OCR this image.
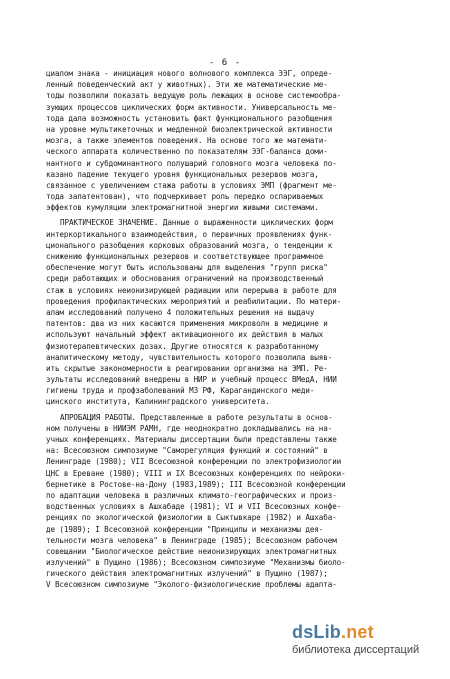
- 6 -
циалом знака - инициация нового волнового комплекса ЭЭГ, опреде-
ленный поведенческий акт у животных). Эти же математические ме-
тоды позволили показать ведущую роль лежащих в основе системообра-
зующих процессов циклических форм активности. Универсальность ме-
тода дала возможность установить факт функционального разобщения
на уровне мультикеточных и медленной биоэлектрической активности
мозга, а также элементов поведения. На основе того же математи-
ческого аппарата количественно по показателям ЭЭГ-баланса доми-
нантного и субдоминантного полушарий головного мозга человека по-
казано падение текущего уровня функциональных резервов мозга,
связанное с увеличением стажа работы в условиях ЭМП (фрагмент ме-
тода запатентован), что подчеркивает роль передко оспариваемых
эффектов кумуляции электромагнитной энергии живыми системами.
ПРАКТИЧЕСКОЕ ЗНАЧЕНИЕ. Данные о выраженности циклических форм
интеркортикального взаимодействия, о первичных проявлениях функ-
ционального разобщения корковых образований мозга, о тенденции к
снижению функциональных резервов и соответствующее программное
обеспечение могут быть использованы для выделения "групп риска"
среди работающих и обоснования ограничений на производственный
стаж в условиях неионизирующей радиации или перерыва в работе для
проведения профилактических мероприятий и реабилитации. По матери-
алам исследований получено 4 положительных решения на выдачу
патентов: два из них касаются применения микроволн в медицине и
используют начальный эффект активационного их действия в малых
физиотерапевтических дозах. Другие относятся к разработанному
аналитическому методу, чувствительность которого позволила выяв-
ить скрытые закономерности в реагировании организма на ЭМП. Ре-
зультаты исследований внедрены в НИР и учебный процесс ВМедА, НИИ
гигиены труда и профзаболеваний МЗ РФ, Карагандинского меди-
цинского института, Калининградского университета.
АПРОБАЦИЯ РАБОТЫ. Представленные в работе результаты в основ-
ном получены в НИИЭМ РАМН, где неоднократно докладывались на на-
учных конференциях. Материалы диссертации были представлены также
на: Всесоюзном симпозиуме "Саморегуляция функций и состояний" в
Ленинграде (1980); VII Всесоюзной конференции по электрофизиологии
ЦНС в Ереване (1980); VIII и IX Всесоюзных конференциях по нейроки-
бернетике в Ростове-на-Дону (1983,1989); III Всесоюзной конференции
по адаптации человека в различных климато-географических и произ-
водственных условиях в Ашхабаде (1981); VI и VII Всесоюзных конфе-
ренциях по экологической физиологии в Сыктывкаре (1982) и Ашхаба-
де (1989); I Всесоюзной конференции "Принципы и механизмы дея-
тельности мозга человека" в Ленинграде (1985); Всесоюзном рабочем
совещании "Биологическое действие неионизирующих электромагнитных
излучений" в Пущино (1986); Всесоюзном симпозиуме "Механизмы биоло-
гического действия электромагнитных излучений" в Пущино (1987);
V Всесоюзном симпозиуме "Эколого-физиологические проблемы адапта-
dsLib.net
библиотека диссертаций
